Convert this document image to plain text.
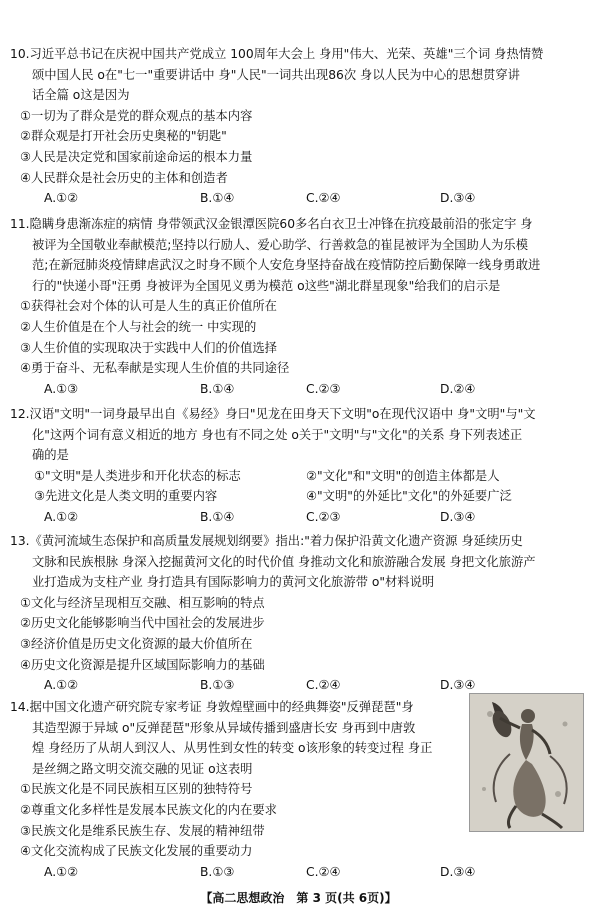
10.习近平总书记在庆祝中国共产党成立 100周年大会上 身用"伟大、光荣、英雄"三个词 身热情赞
颂中国人民 o在"七一"重要讲话中 身"人民"一词共出现86次 身以人民为中心的思想贯穿讲
话全篇 o这是因为
①一切为了群众是党的群众观点的基本内容
②群众观是打开社会历史奥秘的"钥匙"
③人民是决定党和国家前途命运的根本力量
④人民群众是社会历史的主体和创造者
A.①②	B.①④	C.②④	D.③④
11.隐瞒身患渐冻症的病情 身带领武汉金银潭医院60多名白衣卫士冲锋在抗疫最前沿的张定宇 身
被评为全国敬业奉献模范;坚持以行励人、爱心助学、行善救急的崔昆被评为全国助人为乐模
范;在新冠肺炎疫情肆虐武汉之时身不顾个人安危身坚持奋战在疫情防控后勤保障一线身勇敢进
行的"快递小哥"汪勇 身被评为全国见义勇为模范 o这些"湖北群星现象"给我们的启示是
①获得社会对个体的认可是人生的真正价值所在
②人生价值是在个人与社会的统一 中实现的
③人生价值的实现取决于实践中人们的价值选择
④勇于奋斗、无私奉献是实现人生价值的共同途径
A.①③	B.①④	C.②③	D.②④
12.汉语"文明"一词身最早出自《易经》身曰"见龙在田身天下文明"o在现代汉语中 身"文明"与"文
化"这两个词有意义相近的地方 身也有不同之处 o关于"文明"与"文化"的关系 身下列表述正
确的是
①"文明"是人类进步和开化状态的标志	②"文化"和"文明"的创造主体都是人
③先进文化是人类文明的重要内容	④"文明"的外延比"文化"的外延要广泛
A.①②	B.①④	C.②③	D.③④
13.《黄河流域生态保护和高质量发展规划纲要》指出:"着力保护沿黄文化遗产资源 身延续历史
文脉和民族根脉 身深入挖掘黄河文化的时代价值 身推动文化和旅游融合发展 身把文化旅游产
业打造成为支柱产业 身打造具有国际影响力的黄河文化旅游带 o"材料说明
①文化与经济呈现相互交融、相互影响的特点
②历史文化能够影响当代中国社会的发展进步
③经济价值是历史文化资源的最大价值所在
④历史文化资源是提升区域国际影响力的基础
A.①②	B.①③	C.②④	D.③④
14.据中国文化遗产研究院专家考证 身敦煌壁画中的经典舞姿"反弹琵琶"身
其造型源于异域 o"反弹琵琶"形象从异域传播到盛唐长安 身再到中唐敦
煌 身经历了从胡人到汉人、从男性到女性的转变 o该形象的转变过程 身正
是丝绸之路文明交流交融的见证 o这表明
①民族文化是不同民族相互区别的独特符号
②尊重文化多样性是发展本民族文化的内在要求
③民族文化是维系民族生存、发展的精神纽带
④文化交流构成了民族文化发展的重要动力
A.①②	B.①③	C.②④	D.③④
【高二思想政治　第 3 页(共 6页)】
